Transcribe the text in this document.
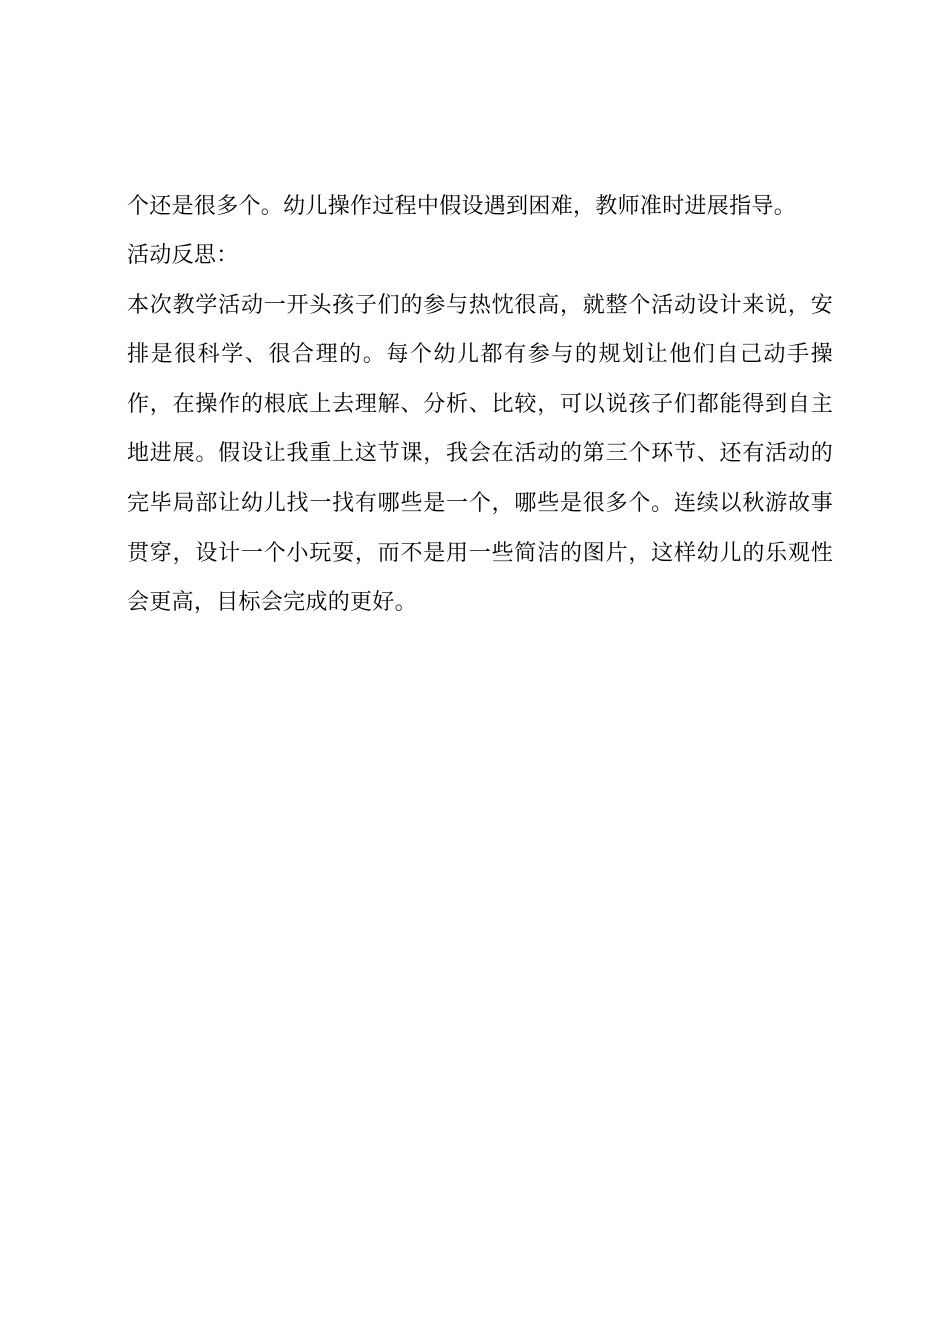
个还是很多个。幼儿操作过程中假设遇到困难，教师准时进展指导。

活动反思：

本次教学活动一开头孩子们的参与热忱很高，就整个活动设计来说，安排是很科学、很合理的。每个幼儿都有参与的规划让他们自己动手操作，在操作的根底上去理解、分析、比较，可以说孩子们都能得到自主地进展。假设让我重上这节课，我会在活动的第三个环节、还有活动的完毕局部让幼儿找一找有哪些是一个，哪些是很多个。连续以秋游故事贯穿，设计一个小玩耍，而不是用一些简洁的图片，这样幼儿的乐观性会更高，目标会完成的更好。
